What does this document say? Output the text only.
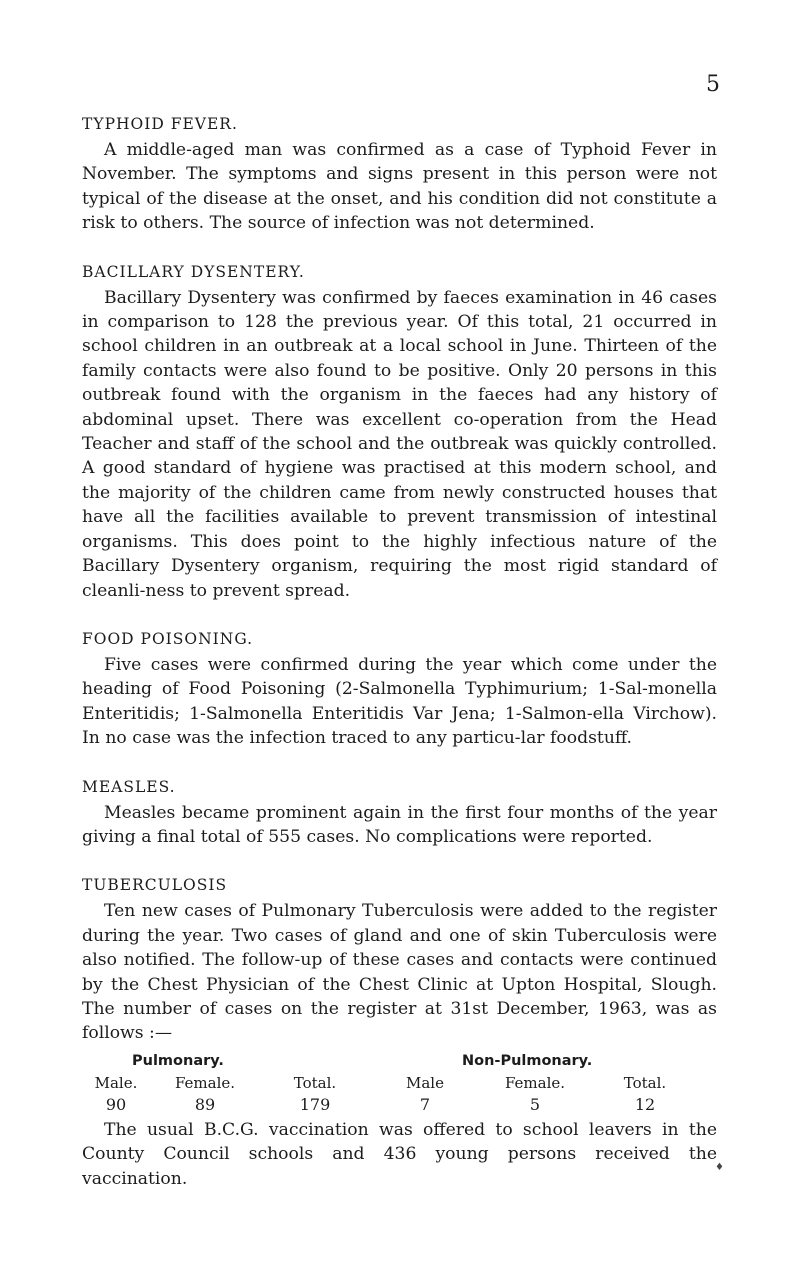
5
TYPHOID FEVER.

A middle-aged man was confirmed as a case of Typhoid Fever in November. The symptoms and signs present in this person were not typical of the disease at the onset, and his condition did not constitute a risk to others. The source of infection was not determined.

BACILLARY DYSENTERY.

Bacillary Dysentery was confirmed by faeces examination in 46 cases in comparison to 128 the previous year. Of this total, 21 occurred in school children in an outbreak at a local school in June. Thirteen of the family contacts were also found to be positive. Only 20 persons in this outbreak found with the organism in the faeces had any history of abdominal upset. There was excellent co-operation from the Head Teacher and staff of the school and the outbreak was quickly controlled. A good standard of hygiene was practised at this modern school, and the majority of the children came from newly constructed houses that have all the facilities available to prevent transmission of intestinal organisms. This does point to the highly infectious nature of the Bacillary Dysentery organism, requiring the most rigid standard of cleanli-ness to prevent spread.

FOOD POISONING.

Five cases were confirmed during the year which come under the heading of Food Poisoning (2-Salmonella Typhimurium; 1-Sal-monella Enteritidis; 1-Salmonella Enteritidis Var Jena; 1-Salmon-ella Virchow). In no case was the infection traced to any particu-lar foodstuff.

MEASLES.

Measles became prominent again in the first four months of the year giving a final total of 555 cases. No complications were reported.

TUBERCULOSIS

Ten new cases of Pulmonary Tuberculosis were added to the register during the year. Two cases of gland and one of skin Tuberculosis were also notified. The follow-up of these cases and contacts were continued by the Chest Physician of the Chest Clinic at Upton Hospital, Slough. The number of cases on the register at 31st December, 1963, was as follows :—

Pulmonary.	Non-Pulmonary.
Male.	Female.	Total.	Male	Female.	Total.
90	89	179	7	5	12

The usual B.C.G. vaccination was offered to school leavers in the County Council schools and 436 young persons received the vaccination.

♦
